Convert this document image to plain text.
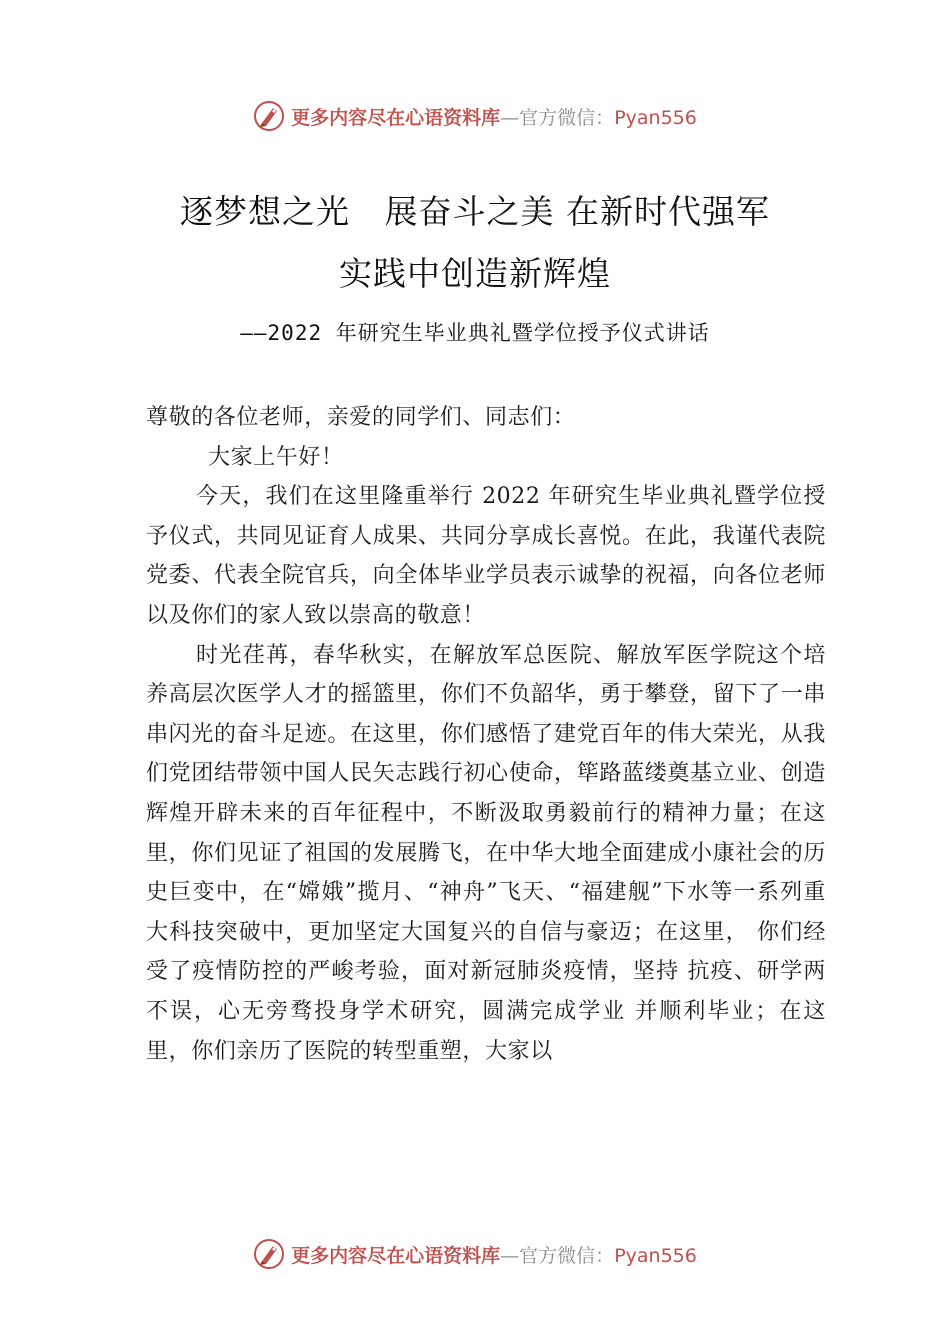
更多内容尽在心语资料库—官方微信：Pyan556
逐梦想之光   展奋斗之美 在新时代强军
实践中创造新辉煌
——2022 年研究生毕业典礼暨学位授予仪式讲话

尊敬的各位老师，亲爱的同学们、同志们：

大家上午好！

今天，我们在这里隆重举行 2022 年研究生毕业典礼暨学位授予仪式，共同见证育人成果、共同分享成长喜悦。在此，我谨代表院党委、代表全院官兵，向全体毕业学员表示诚挚的祝福，向各位老师以及你们的家人致以崇高的敬意！

时光荏苒，春华秋实，在解放军总医院、解放军医学院这个培养高层次医学人才的摇篮里，你们不负韶华，勇于攀登，留下了一串串闪光的奋斗足迹。在这里，你们感悟了建党百年的伟大荣光，从我们党团结带领中国人民矢志践行初心使命，筚路蓝缕奠基立业、创造辉煌开辟未来的百年征程中，不断汲取勇毅前行的精神力量；在这里，你们见证了祖国的发展腾飞，在中华大地全面建成小康社会的历史巨变中，在“嫦娥”揽月、“神舟”飞天、“福建舰”下水等一系列重大科技突破中，更加坚定大国复兴的自信与豪迈；在这里， 你们经受了疫情防控的严峻考验，面对新冠肺炎疫情，坚持 抗疫、研学两不误，心无旁骛投身学术研究，圆满完成学业 并顺利毕业；在这里，你们亲历了医院的转型重塑，大家以

更多内容尽在心语资料库—官方微信：Pyan556
